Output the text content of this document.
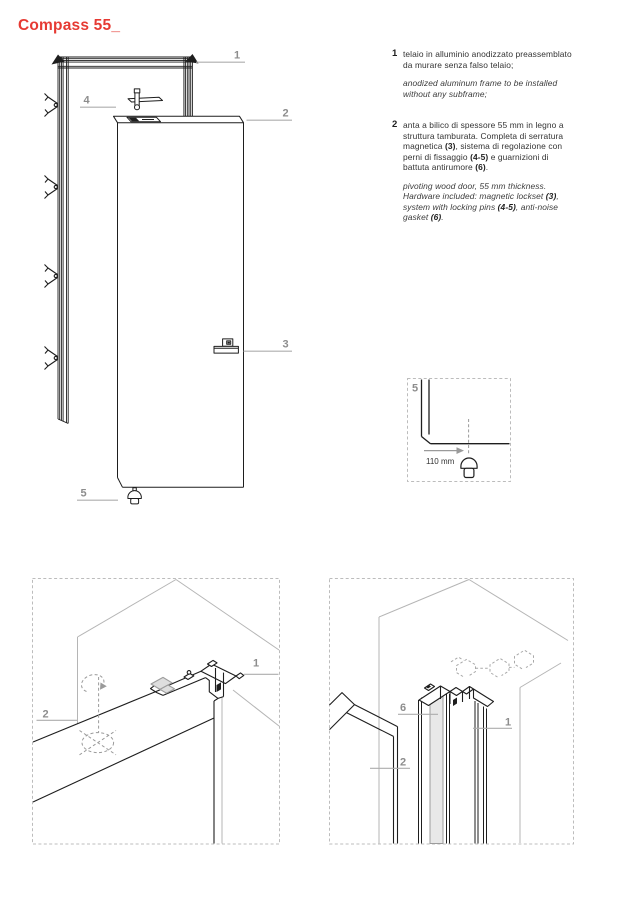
Compass 55_
1
2
3
4
5
5
110 mm
1
2
6
1
2
1 telaio in alluminio anodizzato preassemblato da murare senza falso telaio;

anodized aluminum frame to be installed without any subframe;

2 anta a bilico di spessore 55 mm in legno a struttura tamburata. Completa di serratura magnetica (3), sistema di regolazione con perni di fissaggio (4-5) e guarnizioni di battuta antirumore (6).

pivoting wood door, 55 mm thickness. Hardware included: magnetic lockset (3), system with locking pins (4-5), anti-noise gasket (6).
